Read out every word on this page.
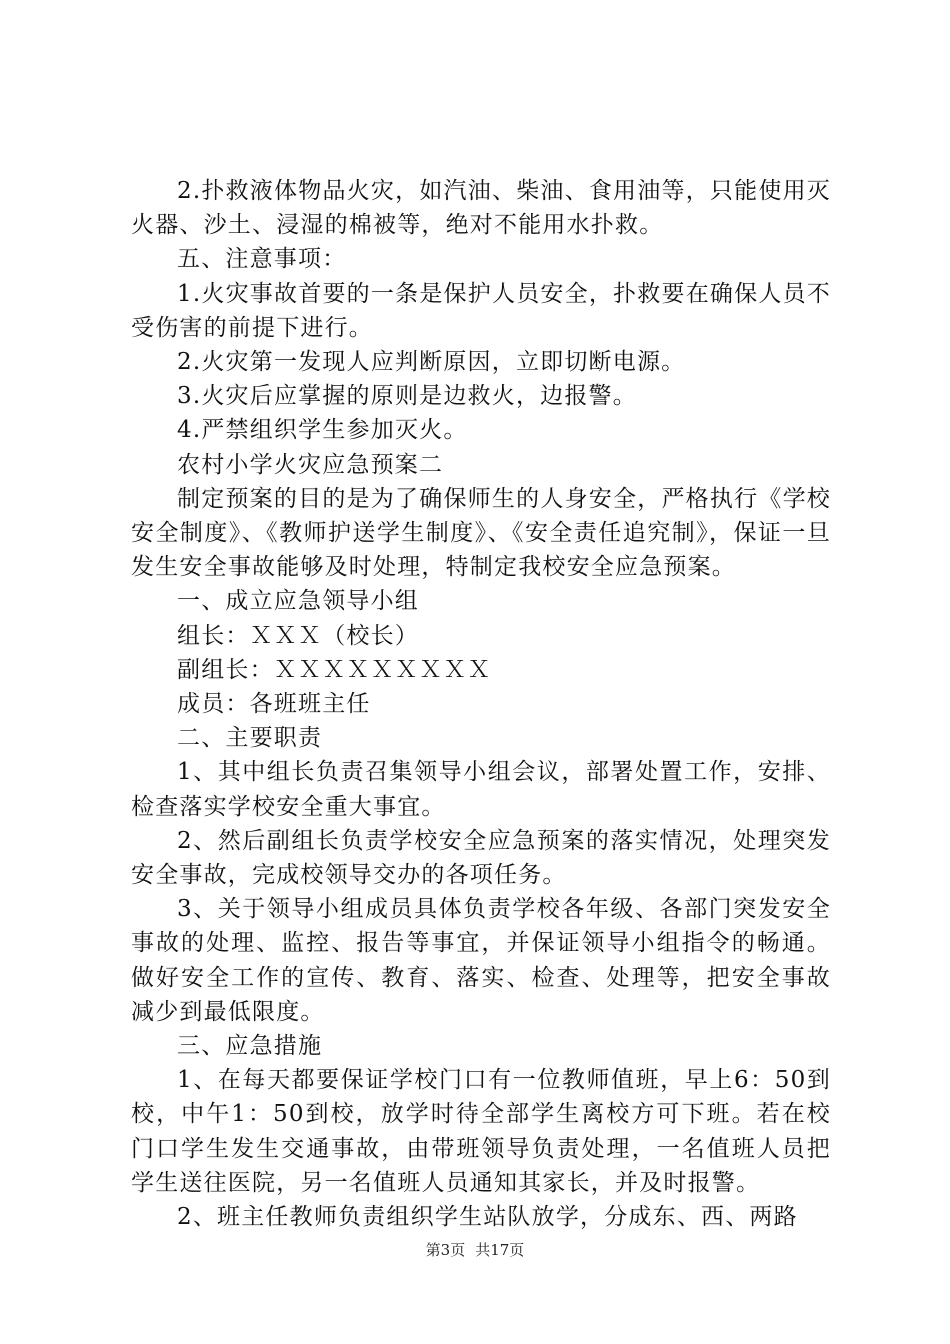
2.扑救液体物品火灾，如汽油、柴油、食用油等，只能使用灭火器、沙土、浸湿的棉被等，绝对不能用水扑救。

五、注意事项：

1.火灾事故首要的一条是保护人员安全，扑救要在确保人员不受伤害的前提下进行。

2.火灾第一发现人应判断原因，立即切断电源。

3.火灾后应掌握的原则是边救火，边报警。

4.严禁组织学生参加灭火。

农村小学火灾应急预案二

制定预案的目的是为了确保师生的人身安全，严格执行《学校安全制度》、《教师护送学生制度》、《安全责任追究制》，保证一旦发生安全事故能够及时处理，特制定我校安全应急预案。

一、成立应急领导小组

组长：ＸＸＸ（校长）

副组长：ＸＸＸＸＸＸＸＸＸ

成员：各班班主任

二、主要职责

1、其中组长负责召集领导小组会议，部署处置工作，安排、检查落实学校安全重大事宜。

2、然后副组长负责学校安全应急预案的落实情况，处理突发安全事故，完成校领导交办的各项任务。

3、关于领导小组成员具体负责学校各年级、各部门突发安全事故的处理、监控、报告等事宜，并保证领导小组指令的畅通。做好安全工作的宣传、教育、落实、检查、处理等，把安全事故减少到最低限度。

三、应急措施

1、在每天都要保证学校门口有一位教师值班，早上6：50到校，中午1：50到校，放学时待全部学生离校方可下班。若在校门口学生发生交通事故，由带班领导负责处理，一名值班人员把学生送往医院，另一名值班人员通知其家长，并及时报警。

2、班主任教师负责组织学生站队放学，分成东、西、两路

第3页 共17页
